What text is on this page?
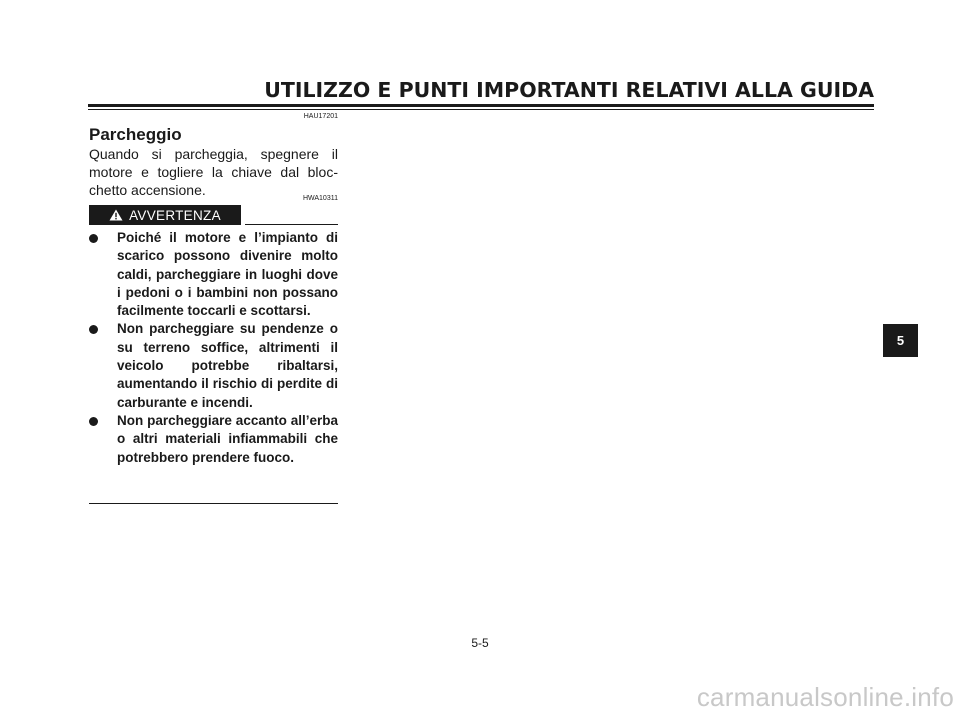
UTILIZZO E PUNTI IMPORTANTI RELATIVI ALLA GUIDA
HAU17201
Parcheggio

Quando si parcheggia, spegnere il motore e togliere la chiave dal blocchetto accensione.

HWA10311
AVVERTENZA
Poiché il motore e l’impianto di scarico possono divenire molto caldi, parcheggiare in luoghi dove i pedoni o i bambini non possano facilmente toccarli e scottarsi.
Non parcheggiare su pendenze o su terreno soffice, altrimenti il veicolo potrebbe ribaltarsi, aumentando il rischio di perdite di carburante e incendi.
Non parcheggiare accanto all’erba o altri materiali infiammabili che potrebbero prendere fuoco.
5
5-5
carmanualsonline.info
